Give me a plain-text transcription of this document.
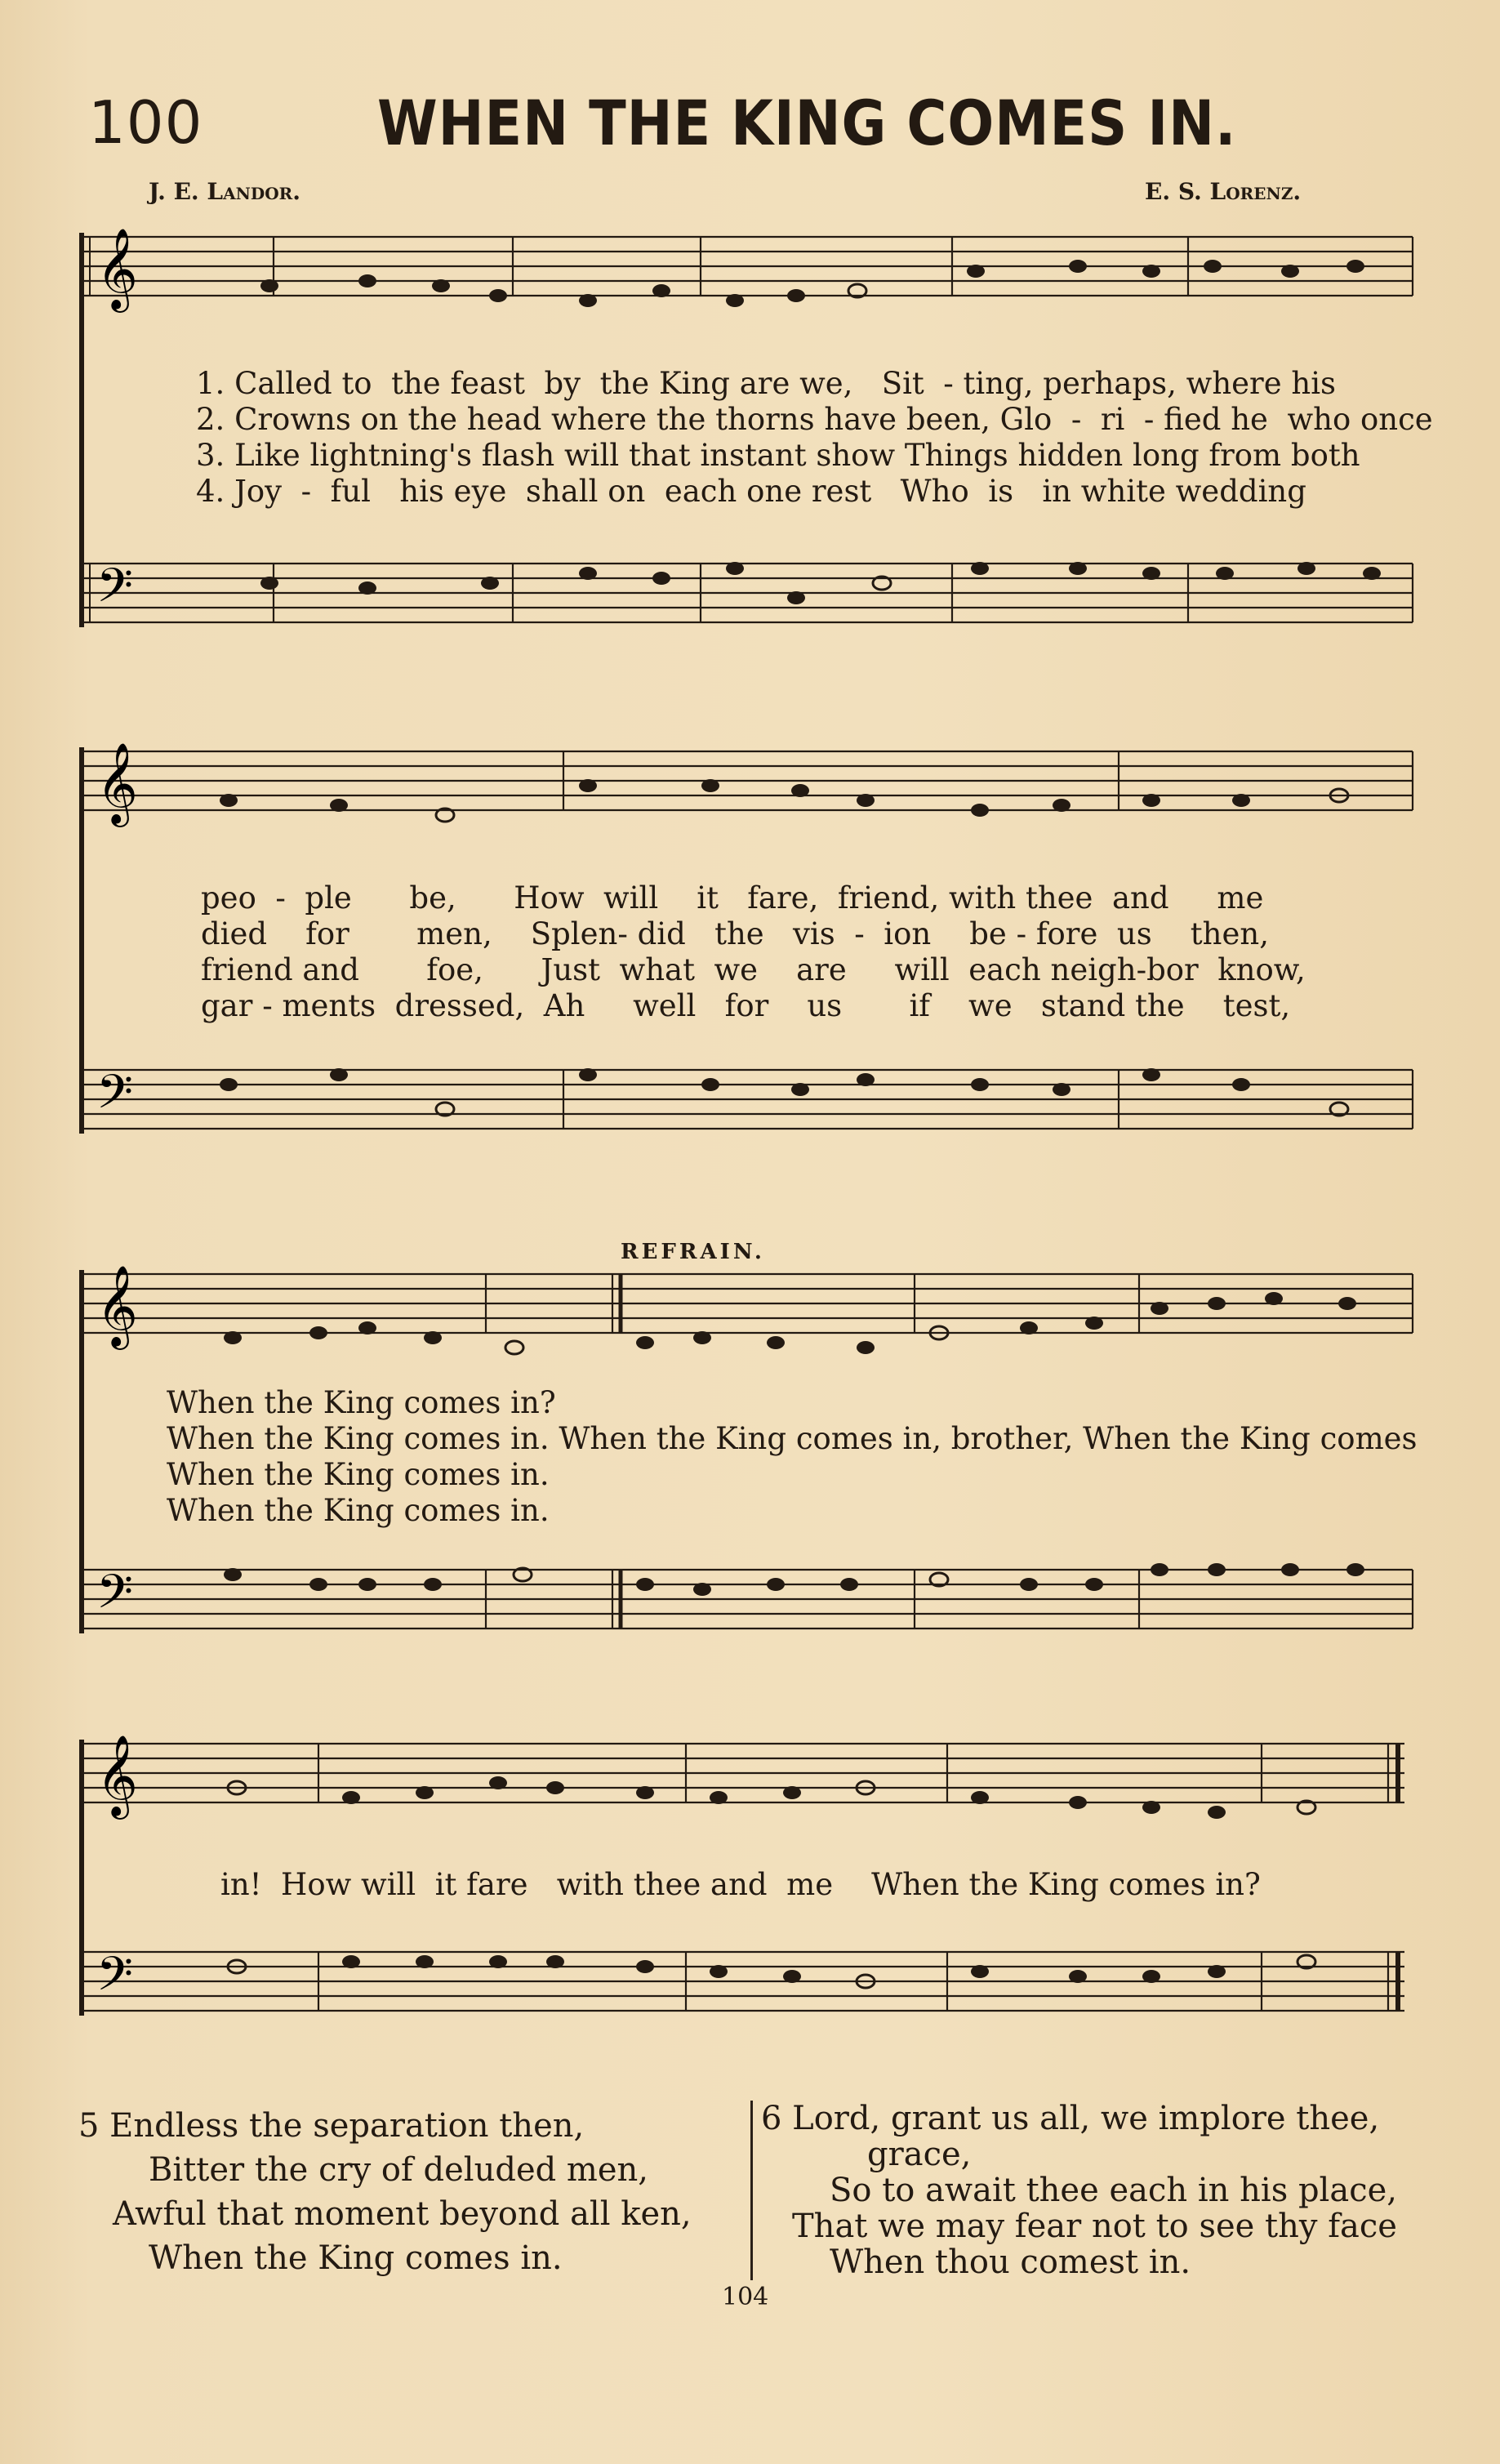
100	WHEN THE KING COMES IN.
J. E. Landor.	E. S. Lorenz.
𝄞
𝄢
1. Called to  the feast  by  the King are we,   Sit  - ting, perhaps, where his
2. Crowns on the head where the thorns have been, Glo  -  ri  - fied he  who once
3. Like lightning's flash will that instant show Things hidden long from both
4. Joy  -  ful   his eye  shall on  each one rest   Who  is   in white wedding
𝄞
𝄢
peo  -  ple      be,      How  will    it   fare,  friend, with thee  and     me
died    for       men,    Splen- did   the   vis  -  ion    be - fore  us    then,
friend and       foe,      Just  what  we    are     will  each neigh-bor  know,
gar - ments  dressed,  Ah     well   for    us       if    we   stand the    test,
REFRAIN.
𝄞
𝄢
When the King comes in?
When the King comes in. When the King comes in, brother, When the King comes
When the King comes in.
When the King comes in.
𝄞
𝄢
in!  How will  it fare   with thee and  me    When the King comes in?
5 Endless the separation then,
Bitter the cry of deluded men,
Awful that moment beyond all ken,
When the King comes in.
6 Lord, grant us all, we implore thee,
grace,
So to await thee each in his place,
That we may fear not to see thy face
When thou comest in.
104
